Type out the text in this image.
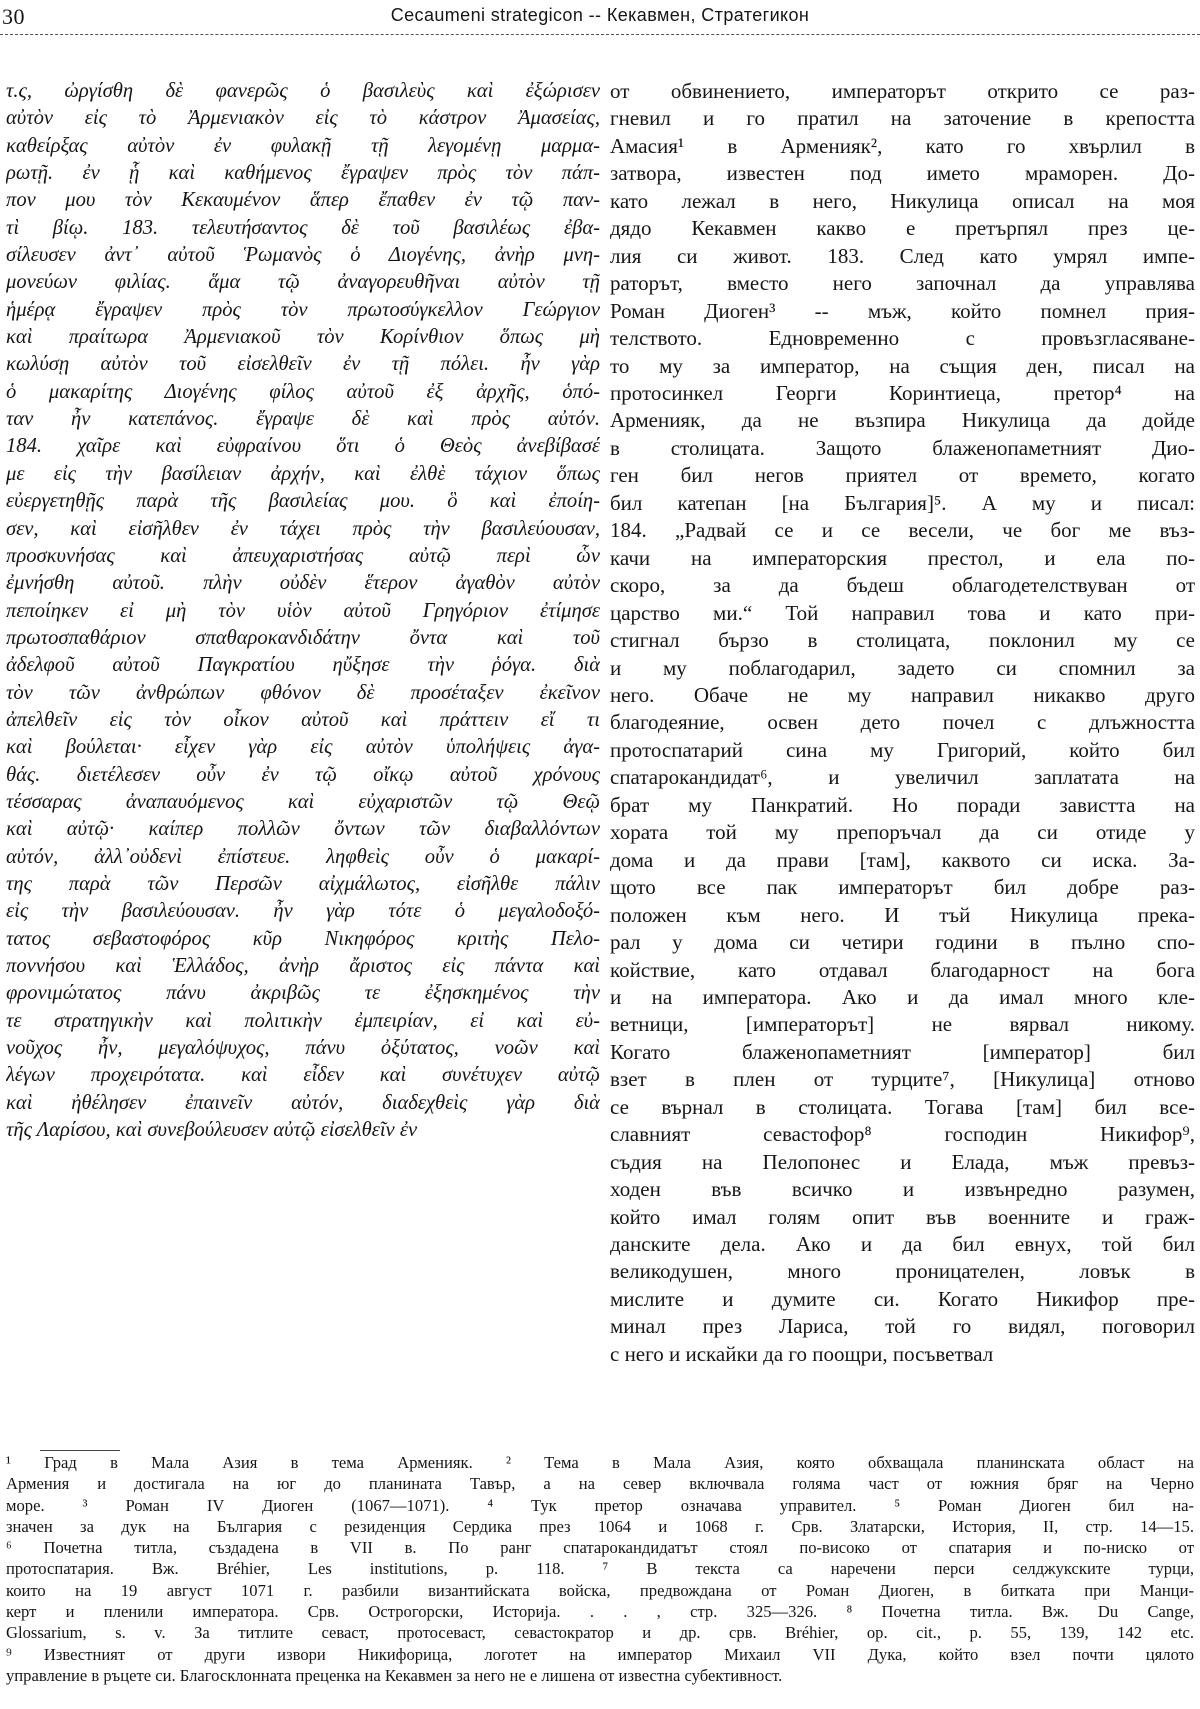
30	Cecaumeni strategicon -- Кекавмен, Стратегикон
τ.ς, ὠργίσθη δὲ φανερῶς ὁ βασιλεὺς καὶ ἐξώρισεν
αὐτὸν εἰς τὸ Ἀρμενιακὸν εἰς τὸ κάστρον Ἀμασείας,
καθείρξας αὐτὸν ἐν φυλακῇ τῇ λεγομένῃ μαρμα-
ρωτῇ. ἐν ᾗ καὶ καθήμενος ἔγραψεν πρὸς τὸν πάπ-
πον μου τὸν Κεκαυμένον ἅπερ ἔπαθεν ἐν τῷ παν-
τὶ βίῳ. 183. τελευτήσαντος δὲ τοῦ βασιλέως ἐβα-
σίλευσεν ἀντ᾽ αὐτοῦ Ῥωμανὸς ὁ Διογένης, ἀνὴρ μνη-
μονεύων φιλίας. ἅμα τῷ ἀναγορευθῆναι αὐτὸν τῇ
ἡμέρᾳ ἔγραψεν πρὸς τὸν πρωτοσύγκελλον Γεώργιον
καὶ πραίτωρα Ἀρμενιακοῦ τὸν Κορίνθιον ὅπως μὴ
κωλύσῃ αὐτὸν τοῦ εἰσελθεῖν ἐν τῇ πόλει. ἦν γὰρ
ὁ μακαρίτης Διογένης φίλος αὐτοῦ ἐξ ἀρχῆς, ὁπό-
ταν ἦν κατεπάνος. ἔγραψε δὲ καὶ πρὸς αὐτόν.
184. χαῖρε καὶ εὐφραίνου ὅτι ὁ Θεὸς ἀνεβίβασέ
με εἰς τὴν βασίλειαν ἀρχήν, καὶ ἐλθὲ τάχιον ὅπως
εὐεργετηθῇς παρὰ τῆς βασιλείας μου. ὃ καὶ ἐποίη-
σεν, καὶ εἰσῆλθεν ἐν τάχει πρὸς τὴν βασιλεύουσαν,
προσκυνήσας καὶ ἀπευχαριστήσας αὐτῷ περὶ ὧν
ἐμνήσθη αὐτοῦ. πλὴν οὐδὲν ἕτερον ἀγαθὸν αὐτὸν
πεποίηκεν εἰ μὴ τὸν υἱὸν αὐτοῦ Γρηγόριον ἐτίμησε
πρωτοσπαθάριον σπαθαροκανδιδάτην ὄντα καὶ τοῦ
ἀδελφοῦ αὐτοῦ Παγκρατίου ηὔξησε τὴν ῥόγα. διὰ
τὸν τῶν ἀνθρώπων φθόνον δὲ προσέταξεν ἐκεῖνον
ἀπελθεῖν εἰς τὸν οἶκον αὐτοῦ καὶ πράττειν εἴ τι
καὶ βούλεται· εἶχεν γὰρ εἰς αὐτὸν ὑπολήψεις ἀγα-
θάς. διετέλεσεν οὖν ἐν τῷ οἴκῳ αὐτοῦ χρόνους
τέσσαρας ἀναπαυόμενος καὶ εὐχαριστῶν τῷ Θεῷ
καὶ αὐτῷ· καίπερ πολλῶν ὄντων τῶν διαβαλλόντων
αὐτόν, ἀλλ᾽οὐδενὶ ἐπίστευε. ληφθεὶς οὖν ὁ μακαρί-
της παρὰ τῶν Περσῶν αἰχμάλωτος, εἰσῆλθε πάλιν
εἰς τὴν βασιλεύουσαν. ἦν γὰρ τότε ὁ μεγαλοδοξό-
τατος σεβαστοφόρος κῦρ Νικηφόρος κριτὴς Πελο-
ποννήσου καὶ Ἑλλάδος, ἀνὴρ ἄριστος εἰς πάντα καὶ
φρονιμώτατος πάνυ ἀκριβῶς τε ἐξησκημένος τὴν
τε στρατηγικὴν καὶ πολιτικὴν ἐμπειρίαν, εἰ καὶ εὐ-
νοῦχος ἦν, μεγαλόψυχος, πάνυ ὀξύτατος, νοῶν καὶ
λέγων προχειρότατα. καὶ εἶδεν καὶ συνέτυχεν αὐτῷ
καὶ ἠθέλησεν ἐπαινεῖν αὐτόν, διαδεχθεὶς γὰρ διὰ
τῆς Λαρίσου, καὶ συνεβούλευσεν αὐτῷ εἰσελθεῖν ἐν
от обвинението, императорът открито се раз-
гневил и го пратил на заточение в крепостта
Амасия¹ в Арменияк², като го хвърлил в
затвора, известен под името мраморен. До-
като лежал в него, Никулица описал на моя
дядо Кекавмен какво е претърпял през це-
лия си живот. 183. След като умрял импе-
раторът, вместо него започнал да управлява
Роман Диоген³ -- мъж, който помнел прия-
телството. Едновременно с провъзгласяване-
то му за император, на същия ден, писал на
протосинкел Георги Коринтиеца, претор⁴ на
Арменияк, да не възпира Никулица да дойде
в столицата. Защото блаженопаметният Дио-
ген бил негов приятел от времето, когато
бил катепан [на България]⁵. А му и писал:
184. „Радвай се и се весели, че бог ме въз-
качи на императорския престол, и ела по-
скоро, за да бъдеш облагодетелствуван от
царство ми.“ Той направил това и като при-
стигнал бързо в столицата, поклонил му се
и му поблагодарил, задето си спомнил за
него. Обаче не му направил никакво друго
благодеяние, освен дето почел с длъжността
протоспатарий сина му Григорий, който бил
спатарокандидат⁶, и увеличил заплатата на
брат му Панкратий. Но поради завистта на
хората той му препоръчал да си отиде у
дома и да прави [там], каквото си иска. За-
щото все пак императорът бил добре раз-
положен към него. И тъй Никулица прека-
рал у дома си четири години в пълно спо-
койствие, като отдавал благодарност на бога
и на императора. Ако и да имал много кле-
ветници, [императорът] не вярвал никому.
Когато блаженопаметният [император] бил
взет в плен от турците⁷, [Никулица] отново
се върнал в столицата. Тогава [там] бил все-
славният севастофор⁸ господин Никифор⁹,
съдия на Пелопонес и Елада, мъж превъз-
ходен във всичко и извънредно разумен,
който имал голям опит във военните и граж-
данските дела. Ако и да бил евнух, той бил
великодушен, много проницателен, ловък в
мислите и думите си. Когато Никифор пре-
минал през Лариса, той го видял, поговорил
с него и искайки да го поощри, посъветвал
¹ Град в Мала Азия в тема Арменияк. ² Тема в Мала Азия, която обхващала планинската област на
Армения и достигала на юг до планината Тавър, а на север включвала голяма част от южния бряг на Черно
море. ³ Роман IV Диоген (1067—1071). ⁴ Тук претор означава управител. ⁵ Роман Диоген бил на-
значен за дук на България с резиденция Сердика през 1064 и 1068 г. Срв. Златарски, История, II, стр. 14—15.
⁶ Почетна титла, създадена в VII в. По ранг спатарокандидатът стоял по-високо от спатария и по-ниско от
протоспатария. Вж. Bréhier, Les institutions, p. 118. ⁷ В текста са наречени перси селджукските турци,
които на 19 август 1071 г. разбили византийската войска, предвождана от Роман Диоген, в битката при Манци-
керт и пленили императора. Срв. Острогорски, Историја. . . , стр. 325—326. ⁸ Почетна титла. Вж. Du Cange,
Glossarium, s. v. За титлите севаст, протосеваст, севастократор и др. срв. Bréhier, op. cit., p. 55, 139, 142 etc.
⁹ Известният от други извори Никифорица, логотет на император Михаил VII Дука, който взел почти цялото
управление в ръцете си. Благосклонната преценка на Кекавмен за него не е лишена от известна субективност.
